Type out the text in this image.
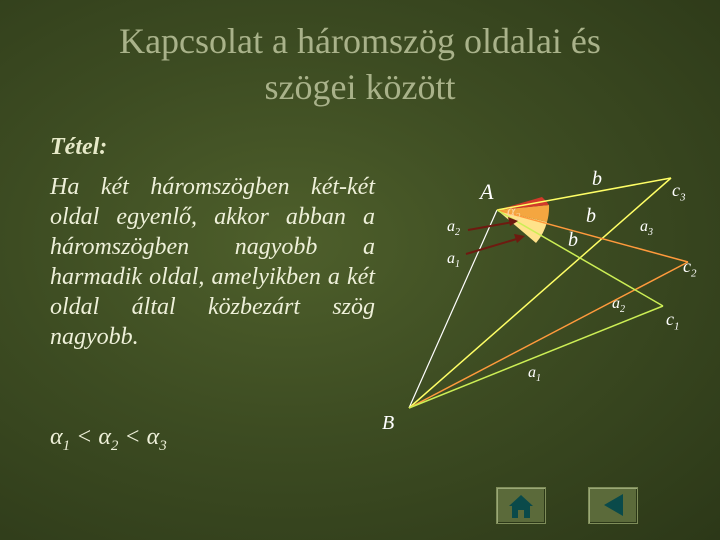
Kapcsolat a háromszög oldalai és
szögei között
Tétel:
Ha két háromszögben két-két oldal egyenlő, akkor abban a háromszögben nagyobb a harmadik oldal, amelyikben a két oldal által közbezárt szög nagyobb.
$\alpha_1 < \alpha_2 < \alpha_3$
A
B
b
b
b
$c_3$
$c_2$
$c_1$
$a_3$
$a_2$
$a_1$
$a_2$
$a_1$
$\alpha_2$
